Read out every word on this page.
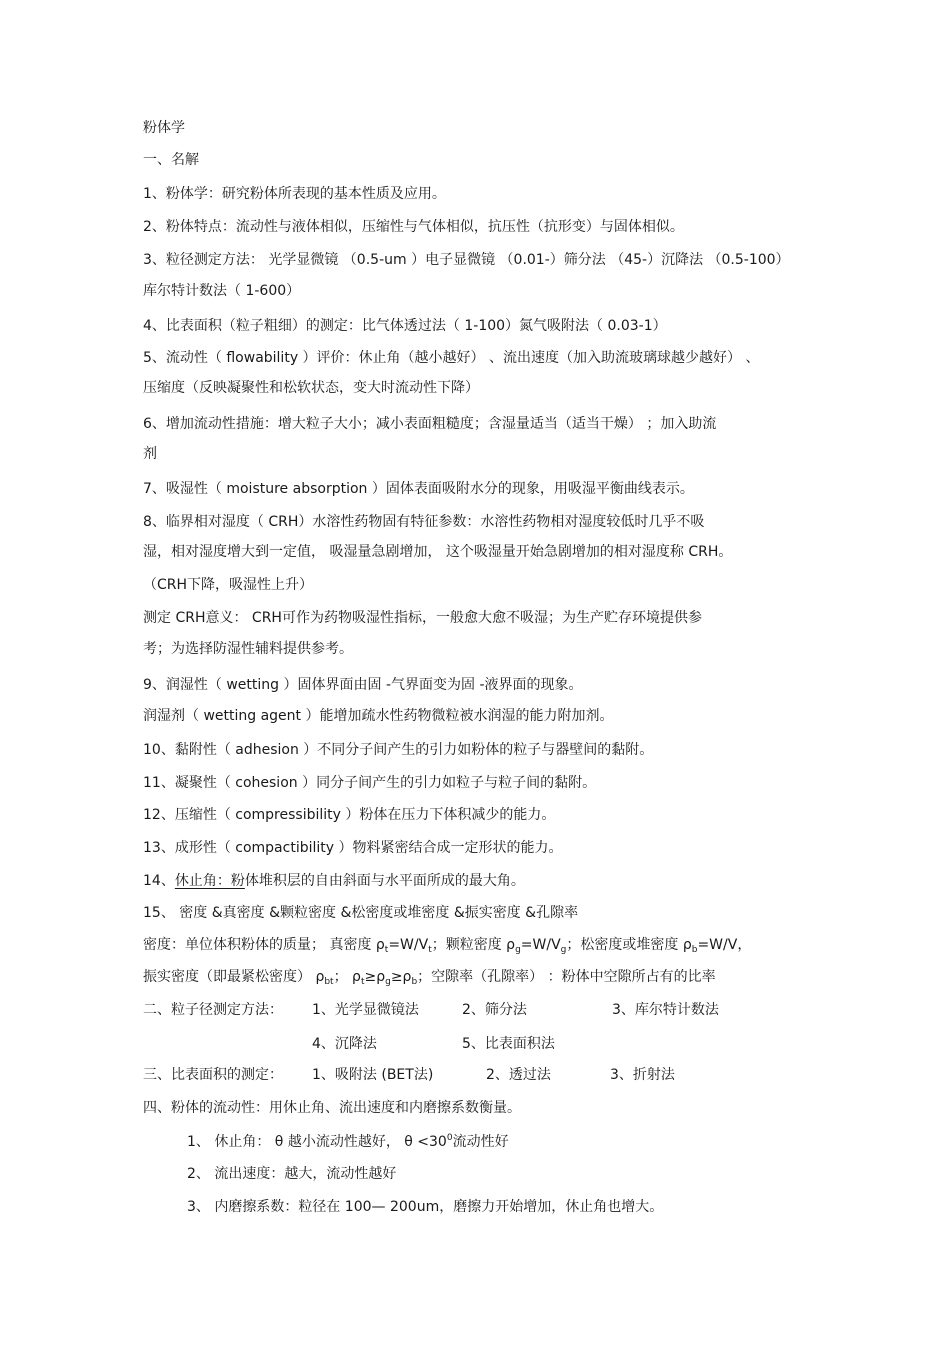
粉体学
一、名解
1、粉体学：研究粉体所表现的基本性质及应用。
2、粉体特点：流动性与液体相似，压缩性与气体相似，抗压性（抗形变）与固体相似。
3、粒径测定方法： 光学显微镜 （0.5-um ）电子显微镜 （0.01-）筛分法 （45-）沉降法 （0.5-100）
库尔特计数法（ 1-600）
4、比表面积（粒子粗细）的测定：比气体透过法（ 1-100）氮气吸附法（ 0.03-1）
5、流动性（ flowability ）评价：休止角（越小越好） 、流出速度（加入助流玻璃球越少越好） 、
压缩度（反映凝聚性和松软状态，变大时流动性下降）
6、增加流动性措施：增大粒子大小；减小表面粗糙度；含湿量适当（适当干燥） ；加入助流
剂
7、吸湿性（ moisture absorption ）固体表面吸附水分的现象，用吸湿平衡曲线表示。
8、临界相对湿度（ CRH）水溶性药物固有特征参数：水溶性药物相对湿度较低时几乎不吸
湿，相对湿度增大到一定值， 吸湿量急剧增加， 这个吸湿量开始急剧增加的相对湿度称 CRH。
（CRH下降，吸湿性上升）
测定 CRH意义： CRH可作为药物吸湿性指标，一般愈大愈不吸湿；为生产贮存环境提供参
考；为选择防湿性辅料提供参考。
9、润湿性（ wetting ）固体界面由固 -气界面变为固 -液界面的现象。
润湿剂（ wetting agent ）能增加疏水性药物微粒被水润湿的能力附加剂。
10、黏附性（ adhesion ）不同分子间产生的引力如粉体的粒子与器壁间的黏附。
11、凝聚性（ cohesion ）同分子间产生的引力如粒子与粒子间的黏附。
12、压缩性（ compressibility ）粉体在压力下体积减少的能力。
13、成形性（ compactibility ）物料紧密结合成一定形状的能力。
14、休止角：粉体堆积层的自由斜面与水平面所成的最大角。
15、 密度 &真密度 &颗粒密度 &松密度或堆密度 &振实密度 &孔隙率
密度：单位体积粉体的质量； 真密度 $\rho_t=W/V_t$；颗粒密度 $\rho_g=W/V_g$；松密度或堆密度 $\rho_b=W/V$，
振实密度（即最紧松密度） $\rho_{bt}$； $\rho_t\ge\rho_g\ge\rho_b$；空隙率（孔隙率） ：粉体中空隙所占有的比率
二、粒子径测定方法： 1、光学显微镜法	2、筛分法	3、库尔特计数法
4、沉降法	5、比表面积法
三、比表面积的测定： 1、吸附法 (BET法)	2、透过法	3、折射法
四、粉体的流动性：用休止角、流出速度和内磨擦系数衡量。
1、 休止角： θ 越小流动性越好， $\theta <30^0$流动性好
2、 流出速度：越大，流动性越好
3、 内磨擦系数：粒径在 100— 200um，磨擦力开始增加，休止角也增大。
